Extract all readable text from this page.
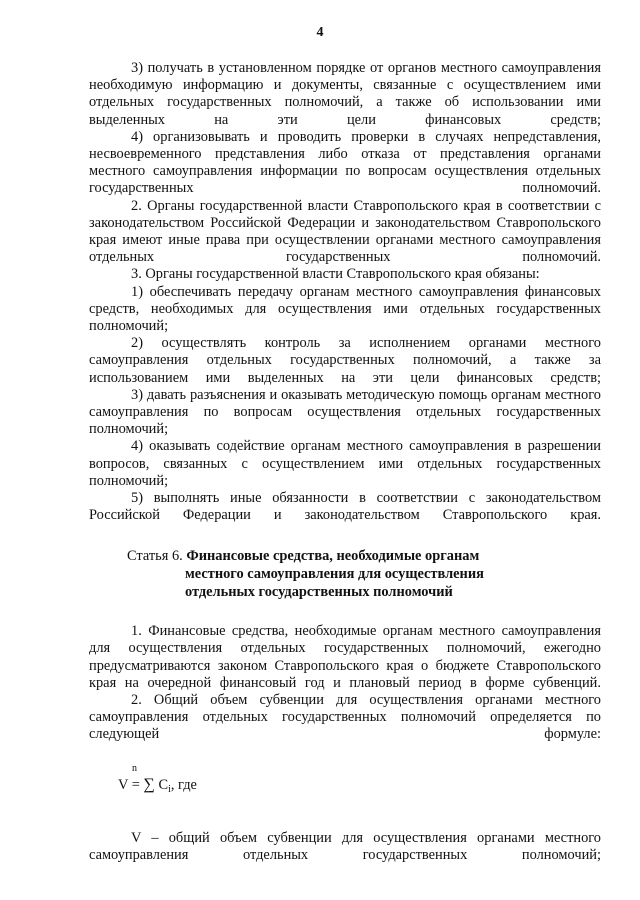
4

3) получать в установленном порядке от органов местного самоуправления необходимую информацию и документы, связанные с осуществлением ими отдельных государственных полномочий, а также об использовании ими выделенных на эти цели финансовых средств;

4) организовывать и проводить проверки в случаях непредставления, несвоевременного представления либо отказа от представления органами местного самоуправления информации по вопросам осуществления отдельных государственных полномочий.

2. Органы государственной власти Ставропольского края в соответствии с законодательством Российской Федерации и законодательством Ставропольского края имеют иные права при осуществлении органами местного самоуправления отдельных государственных полномочий.

3. Органы государственной власти Ставропольского края обязаны:

1) обеспечивать передачу органам местного самоуправления финансовых средств, необходимых для осуществления ими отдельных государственных полномочий;

2) осуществлять контроль за исполнением органами местного самоуправления отдельных государственных полномочий, а также за использованием ими выделенных на эти цели финансовых средств;

3) давать разъяснения и оказывать методическую помощь органам местного самоуправления по вопросам осуществления отдельных государственных полномочий;

4) оказывать содействие органам местного самоуправления в разрешении вопросов, связанных с осуществлением ими отдельных государственных полномочий;

5) выполнять иные обязанности в соответствии с законодательством Российской Федерации и законодательством Ставропольского края.

Статья 6. Финансовые средства, необходимые органам
местного самоуправления для осуществления
отдельных государственных полномочий

1. Финансовые средства, необходимые органам местного самоуправления для осуществления отдельных государственных полномочий, ежегодно предусматриваются законом Ставропольского края о бюджете Ставропольского края на очередной финансовый год и плановый период в форме субвенций.

2. Общий объем субвенции для осуществления органами местного самоуправления отдельных государственных полномочий определяется по следующей формуле:

n
V = ∑ $C_i$, где

V – общий объем субвенции для осуществления органами местного самоуправления отдельных государственных полномочий;
